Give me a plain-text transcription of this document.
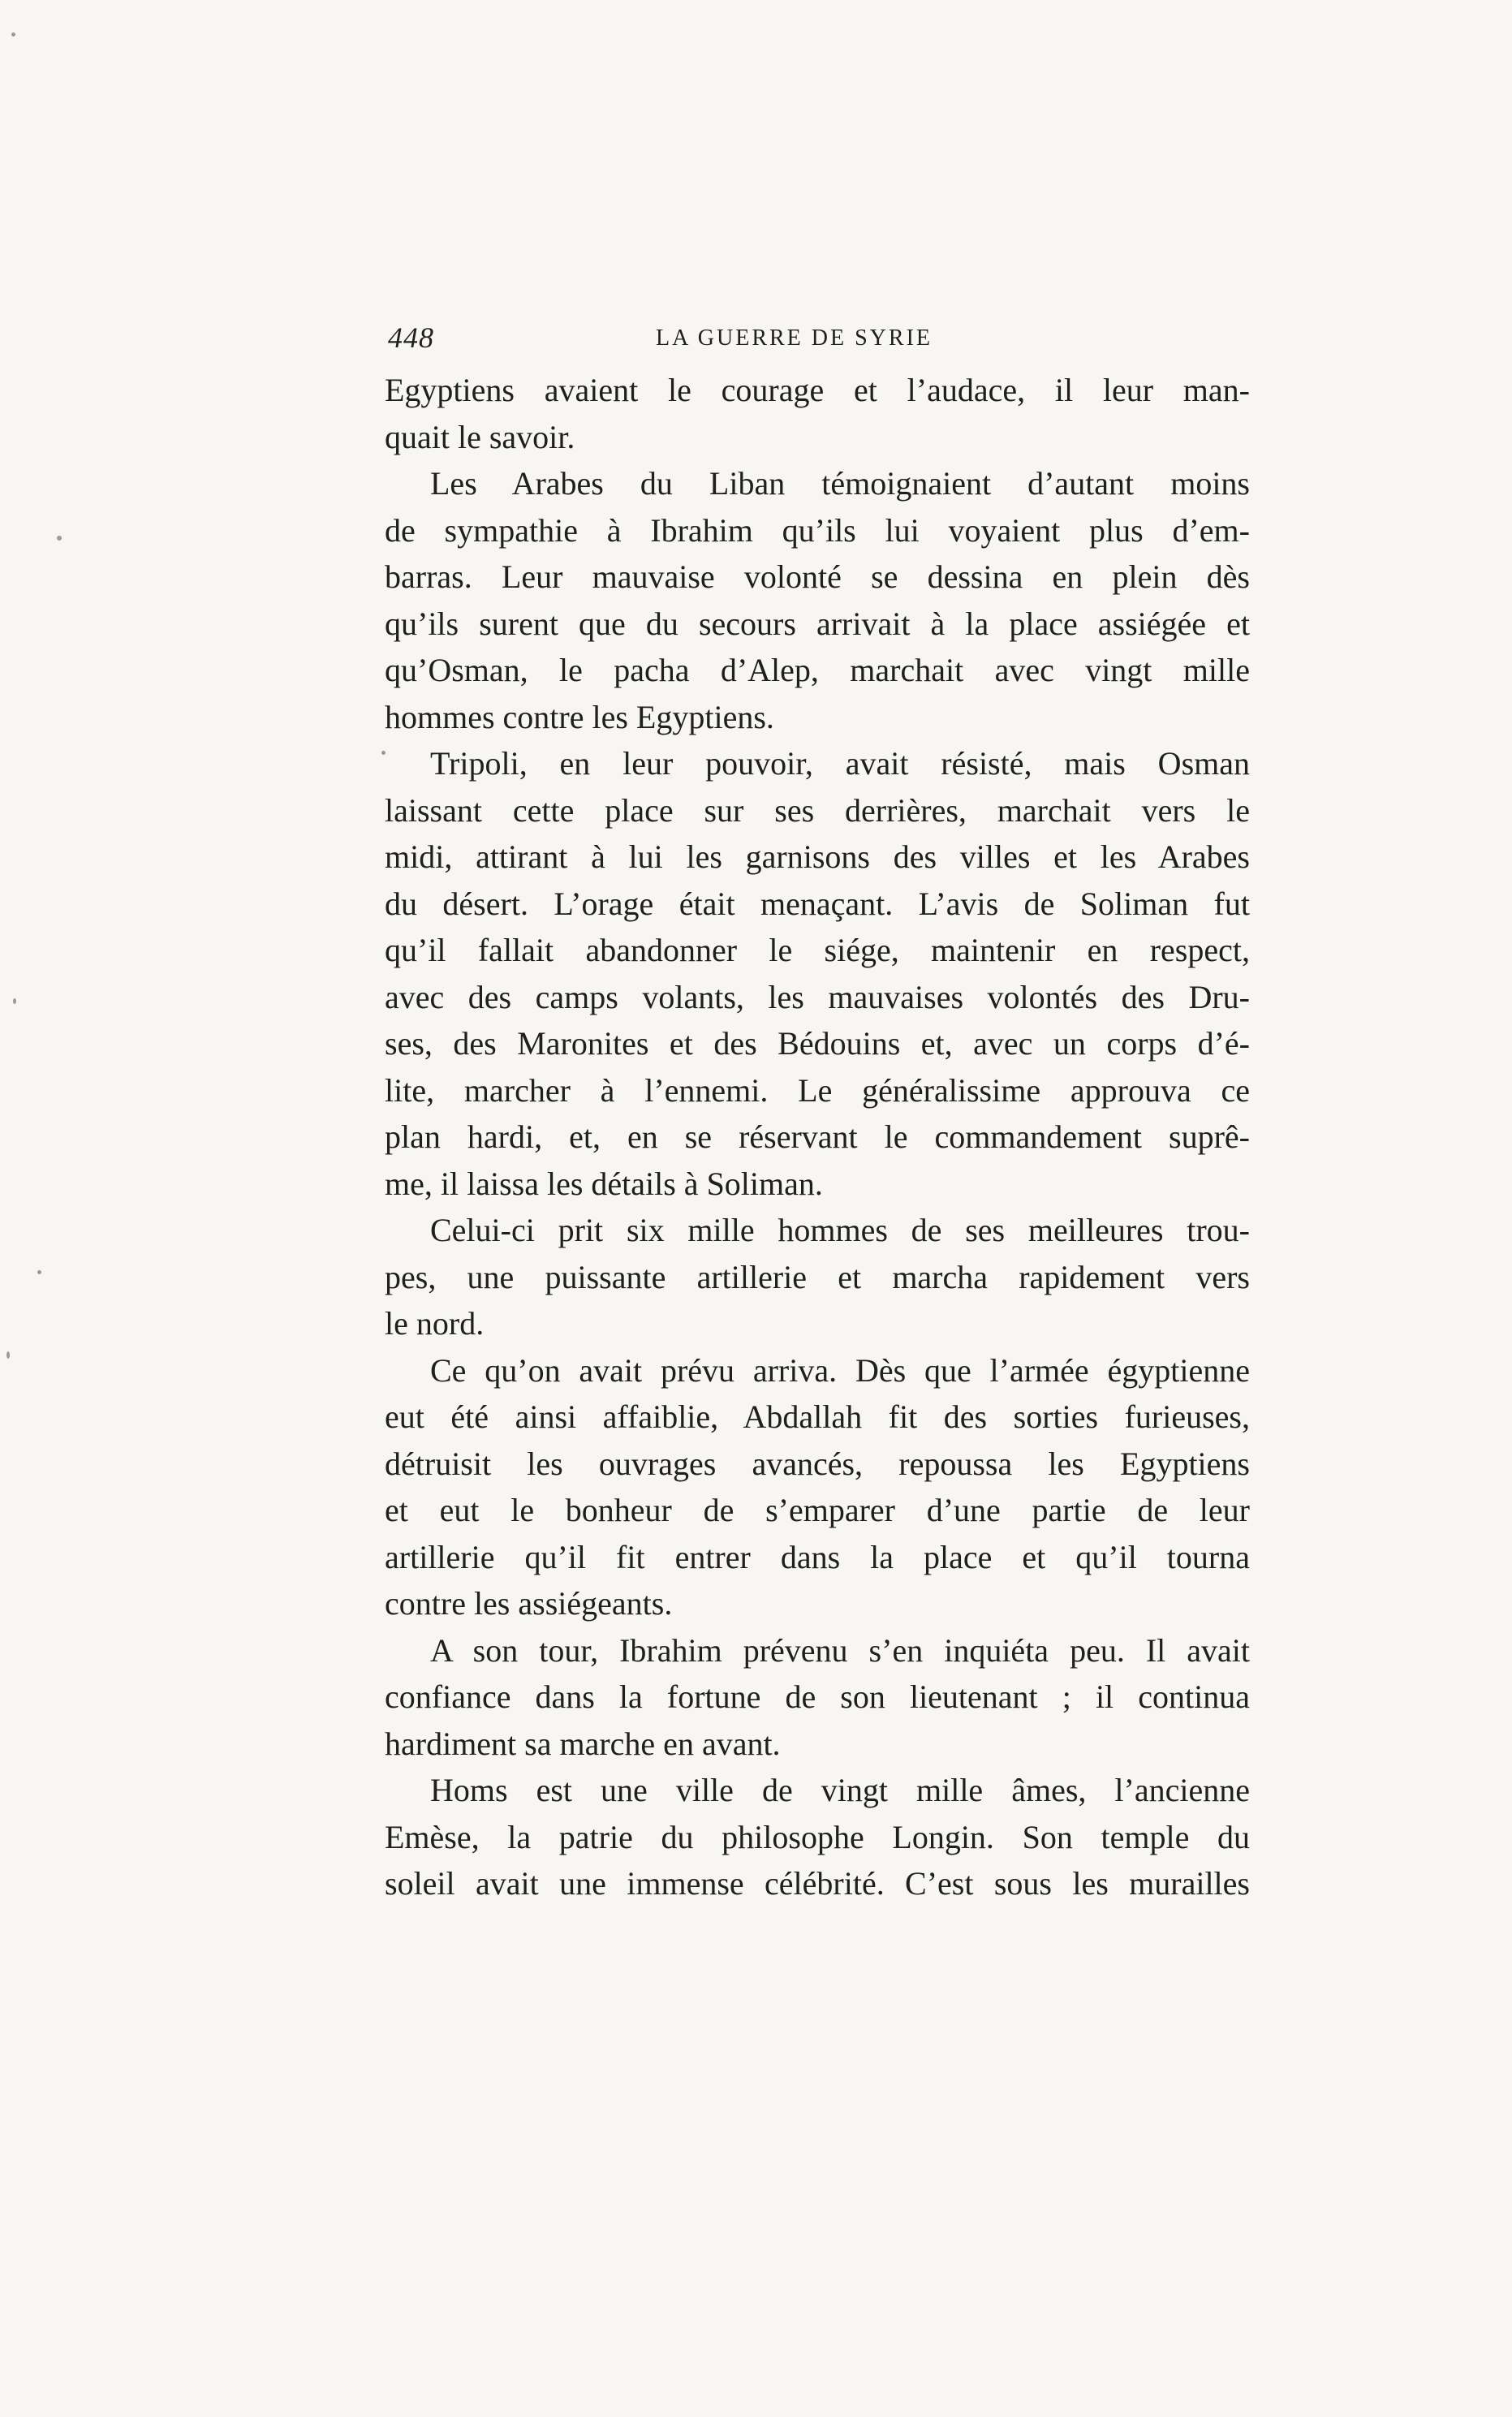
448	LA GUERRE DE SYRIE
Egyptiens avaient le courage et l’audace, il leur man-
quait le savoir.
Les Arabes du Liban témoignaient d’autant moins
de sympathie à Ibrahim qu’ils lui voyaient plus d’em-
barras. Leur mauvaise volonté se dessina en plein dès
qu’ils surent que du secours arrivait à la place assiégée et
qu’Osman, le pacha d’Alep, marchait avec vingt mille
hommes contre les Egyptiens.
Tripoli, en leur pouvoir, avait résisté, mais Osman
laissant cette place sur ses derrières, marchait vers le
midi, attirant à lui les garnisons des villes et les Arabes
du désert. L’orage était menaçant. L’avis de Soliman fut
qu’il fallait abandonner le siége, maintenir en respect,
avec des camps volants, les mauvaises volontés des Dru-
ses, des Maronites et des Bédouins et, avec un corps d’é-
lite, marcher à l’ennemi. Le généralissime approuva ce
plan hardi, et, en se réservant le commandement suprê-
me, il laissa les détails à Soliman.
Celui-ci prit six mille hommes de ses meilleures trou-
pes, une puissante artillerie et marcha rapidement vers
le nord.
Ce qu’on avait prévu arriva. Dès que l’armée égyptienne
eut été ainsi affaiblie, Abdallah fit des sorties furieuses,
détruisit les ouvrages avancés, repoussa les Egyptiens
et eut le bonheur de s’emparer d’une partie de leur
artillerie qu’il fit entrer dans la place et qu’il tourna
contre les assiégeants.
A son tour, Ibrahim prévenu s’en inquiéta peu. Il avait
confiance dans la fortune de son lieutenant ; il continua
hardiment sa marche en avant.
Homs est une ville de vingt mille âmes, l’ancienne
Emèse, la patrie du philosophe Longin. Son temple du
soleil avait une immense célébrité. C’est sous les murailles
